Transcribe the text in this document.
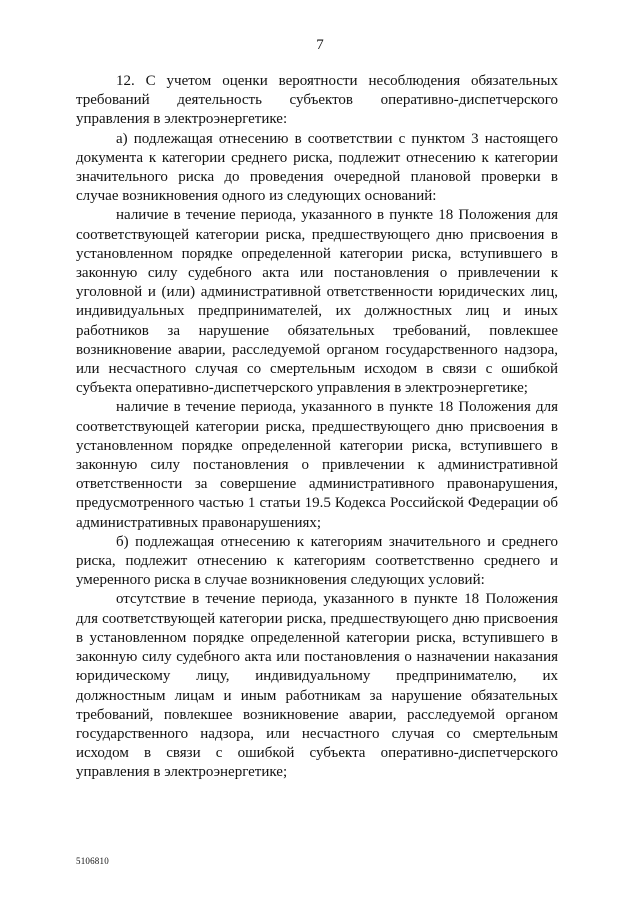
7

12. С учетом оценки вероятности несоблюдения обязательных требований деятельность субъектов оперативно-диспетчерского управления в электроэнергетике:

а) подлежащая отнесению в соответствии с пунктом 3 настоящего документа к категории среднего риска, подлежит отнесению к категории значительного риска до проведения очередной плановой проверки в случае возникновения одного из следующих оснований:

наличие в течение периода, указанного в пункте 18 Положения для соответствующей категории риска, предшествующего дню присвоения в установленном порядке определенной категории риска, вступившего в законную силу судебного акта или постановления о привлечении к уголовной и (или) административной ответственности юридических лиц, индивидуальных предпринимателей, их должностных лиц и иных работников за нарушение обязательных требований, повлекшее возникновение аварии, расследуемой органом государственного надзора, или несчастного случая со смертельным исходом в связи с ошибкой субъекта оперативно-диспетчерского управления в электроэнергетике;

наличие в течение периода, указанного в пункте 18 Положения для соответствующей категории риска, предшествующего дню присвоения в установленном порядке определенной категории риска, вступившего в законную силу постановления о привлечении к административной ответственности за совершение административного правонарушения, предусмотренного частью 1 статьи 19.5 Кодекса Российской Федерации об административных правонарушениях;

б) подлежащая отнесению к категориям значительного и среднего риска, подлежит отнесению к категориям соответственно среднего и умеренного риска в случае возникновения следующих условий:

отсутствие в течение периода, указанного в пункте 18 Положения для соответствующей категории риска, предшествующего дню присвоения в установленном порядке определенной категории риска, вступившего в законную силу судебного акта или постановления о назначении наказания юридическому лицу, индивидуальному предпринимателю, их должностным лицам и иным работникам за нарушение обязательных требований, повлекшее возникновение аварии, расследуемой органом государственного надзора, или несчастного случая со смертельным исходом в связи с ошибкой субъекта оперативно-диспетчерского управления в электроэнергетике;

5106810
